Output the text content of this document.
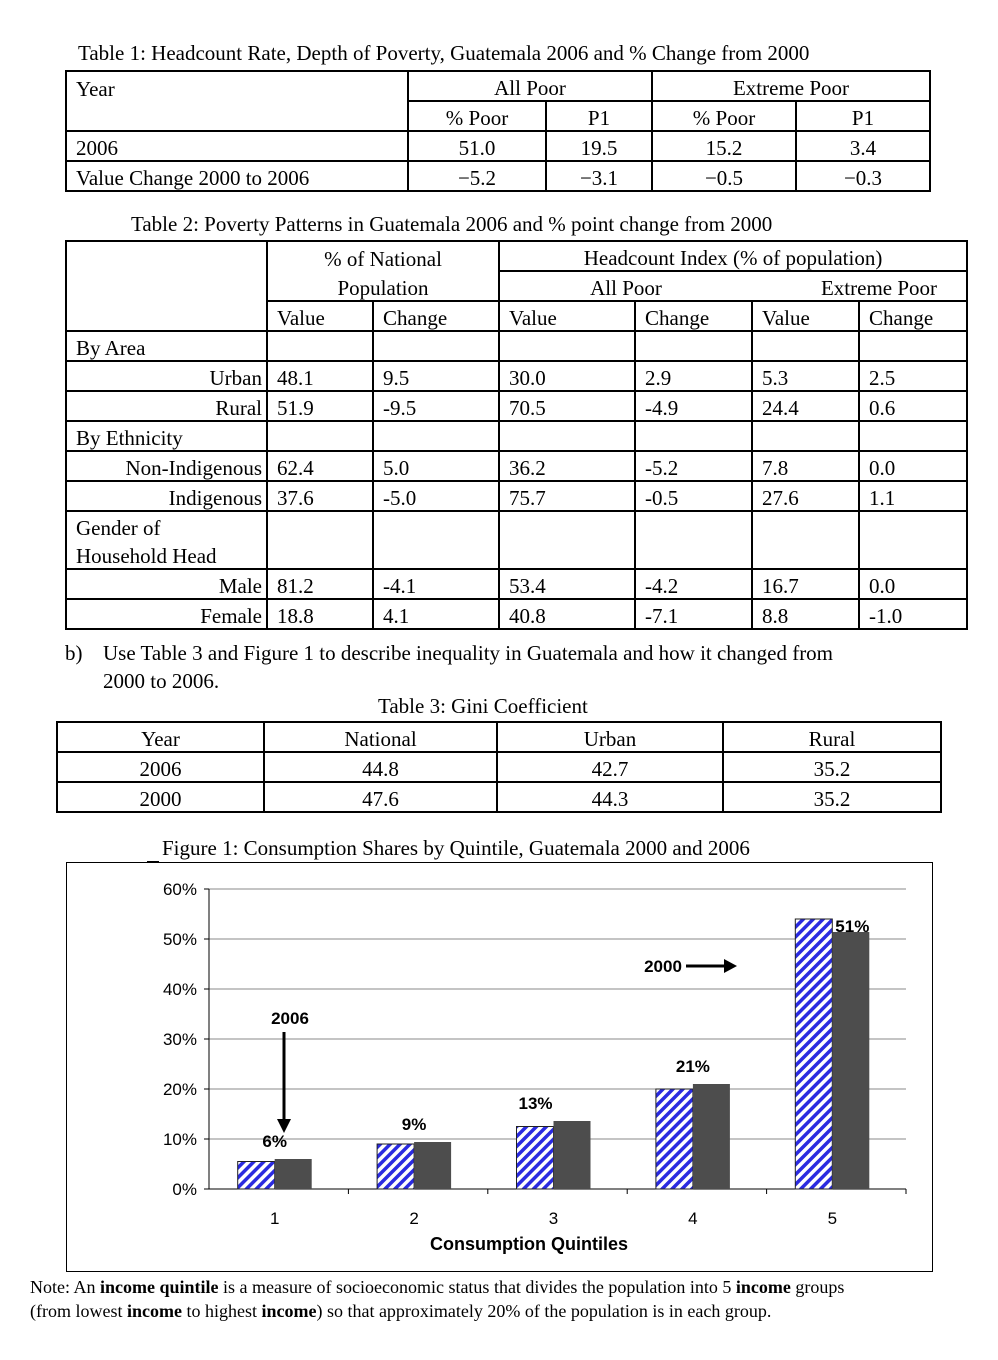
Table 1: Headcount Rate, Depth of Poverty, Guatemala 2006 and % Change from 2000
Year	All Poor		Extreme Poor	
	% Poor	P1	% Poor	P1
2006	51.0	19.5	15.2	3.4
Value Change 2000 to 2006	−5.2	−3.1	−0.5	−0.3
Table 2: Poverty Patterns in Guatemala 2006 and % point change from 2000
	% of National		Headcount Index (% of population)			
	Population		All Poor		Extreme Poor	
	Value	Change	Value	Change	Value	Change
By Area						
Urban	48.1	9.5	30.0	2.9	5.3	2.5
Rural	51.9	-9.5	70.5	-4.9	24.4	0.6
By Ethnicity						
Non-Indigenous	62.4	5.0	36.2	-5.2	7.8	0.0
Indigenous	37.6	-5.0	75.7	-0.5	27.6	1.1
Gender of						
Household Head						
Male	81.2	-4.1	53.4	-4.2	16.7	0.0
Female	18.8	4.1	40.8	-7.1	8.8	-1.0
b) Use Table 3 and Figure 1 to describe inequality in Guatemala and how it changed from
2000 to 2006.
Table 3: Gini Coefficient
Year	National	Urban	Rural
2006	44.8	42.7	35.2
2000	47.6	44.3	35.2
Figure 1: Consumption Shares by Quintile, Guatemala 2000 and 2006
0%
10%
20%
30%
40%
50%
60%
1	2	3	4	5
6%
9%
13%
21%
51%
Consumption Quintiles
2006
2000
Note: An income quintile is a measure of socioeconomic status that divides the population into 5 income groups
(from lowest income to highest income) so that approximately 20% of the population is in each group.
